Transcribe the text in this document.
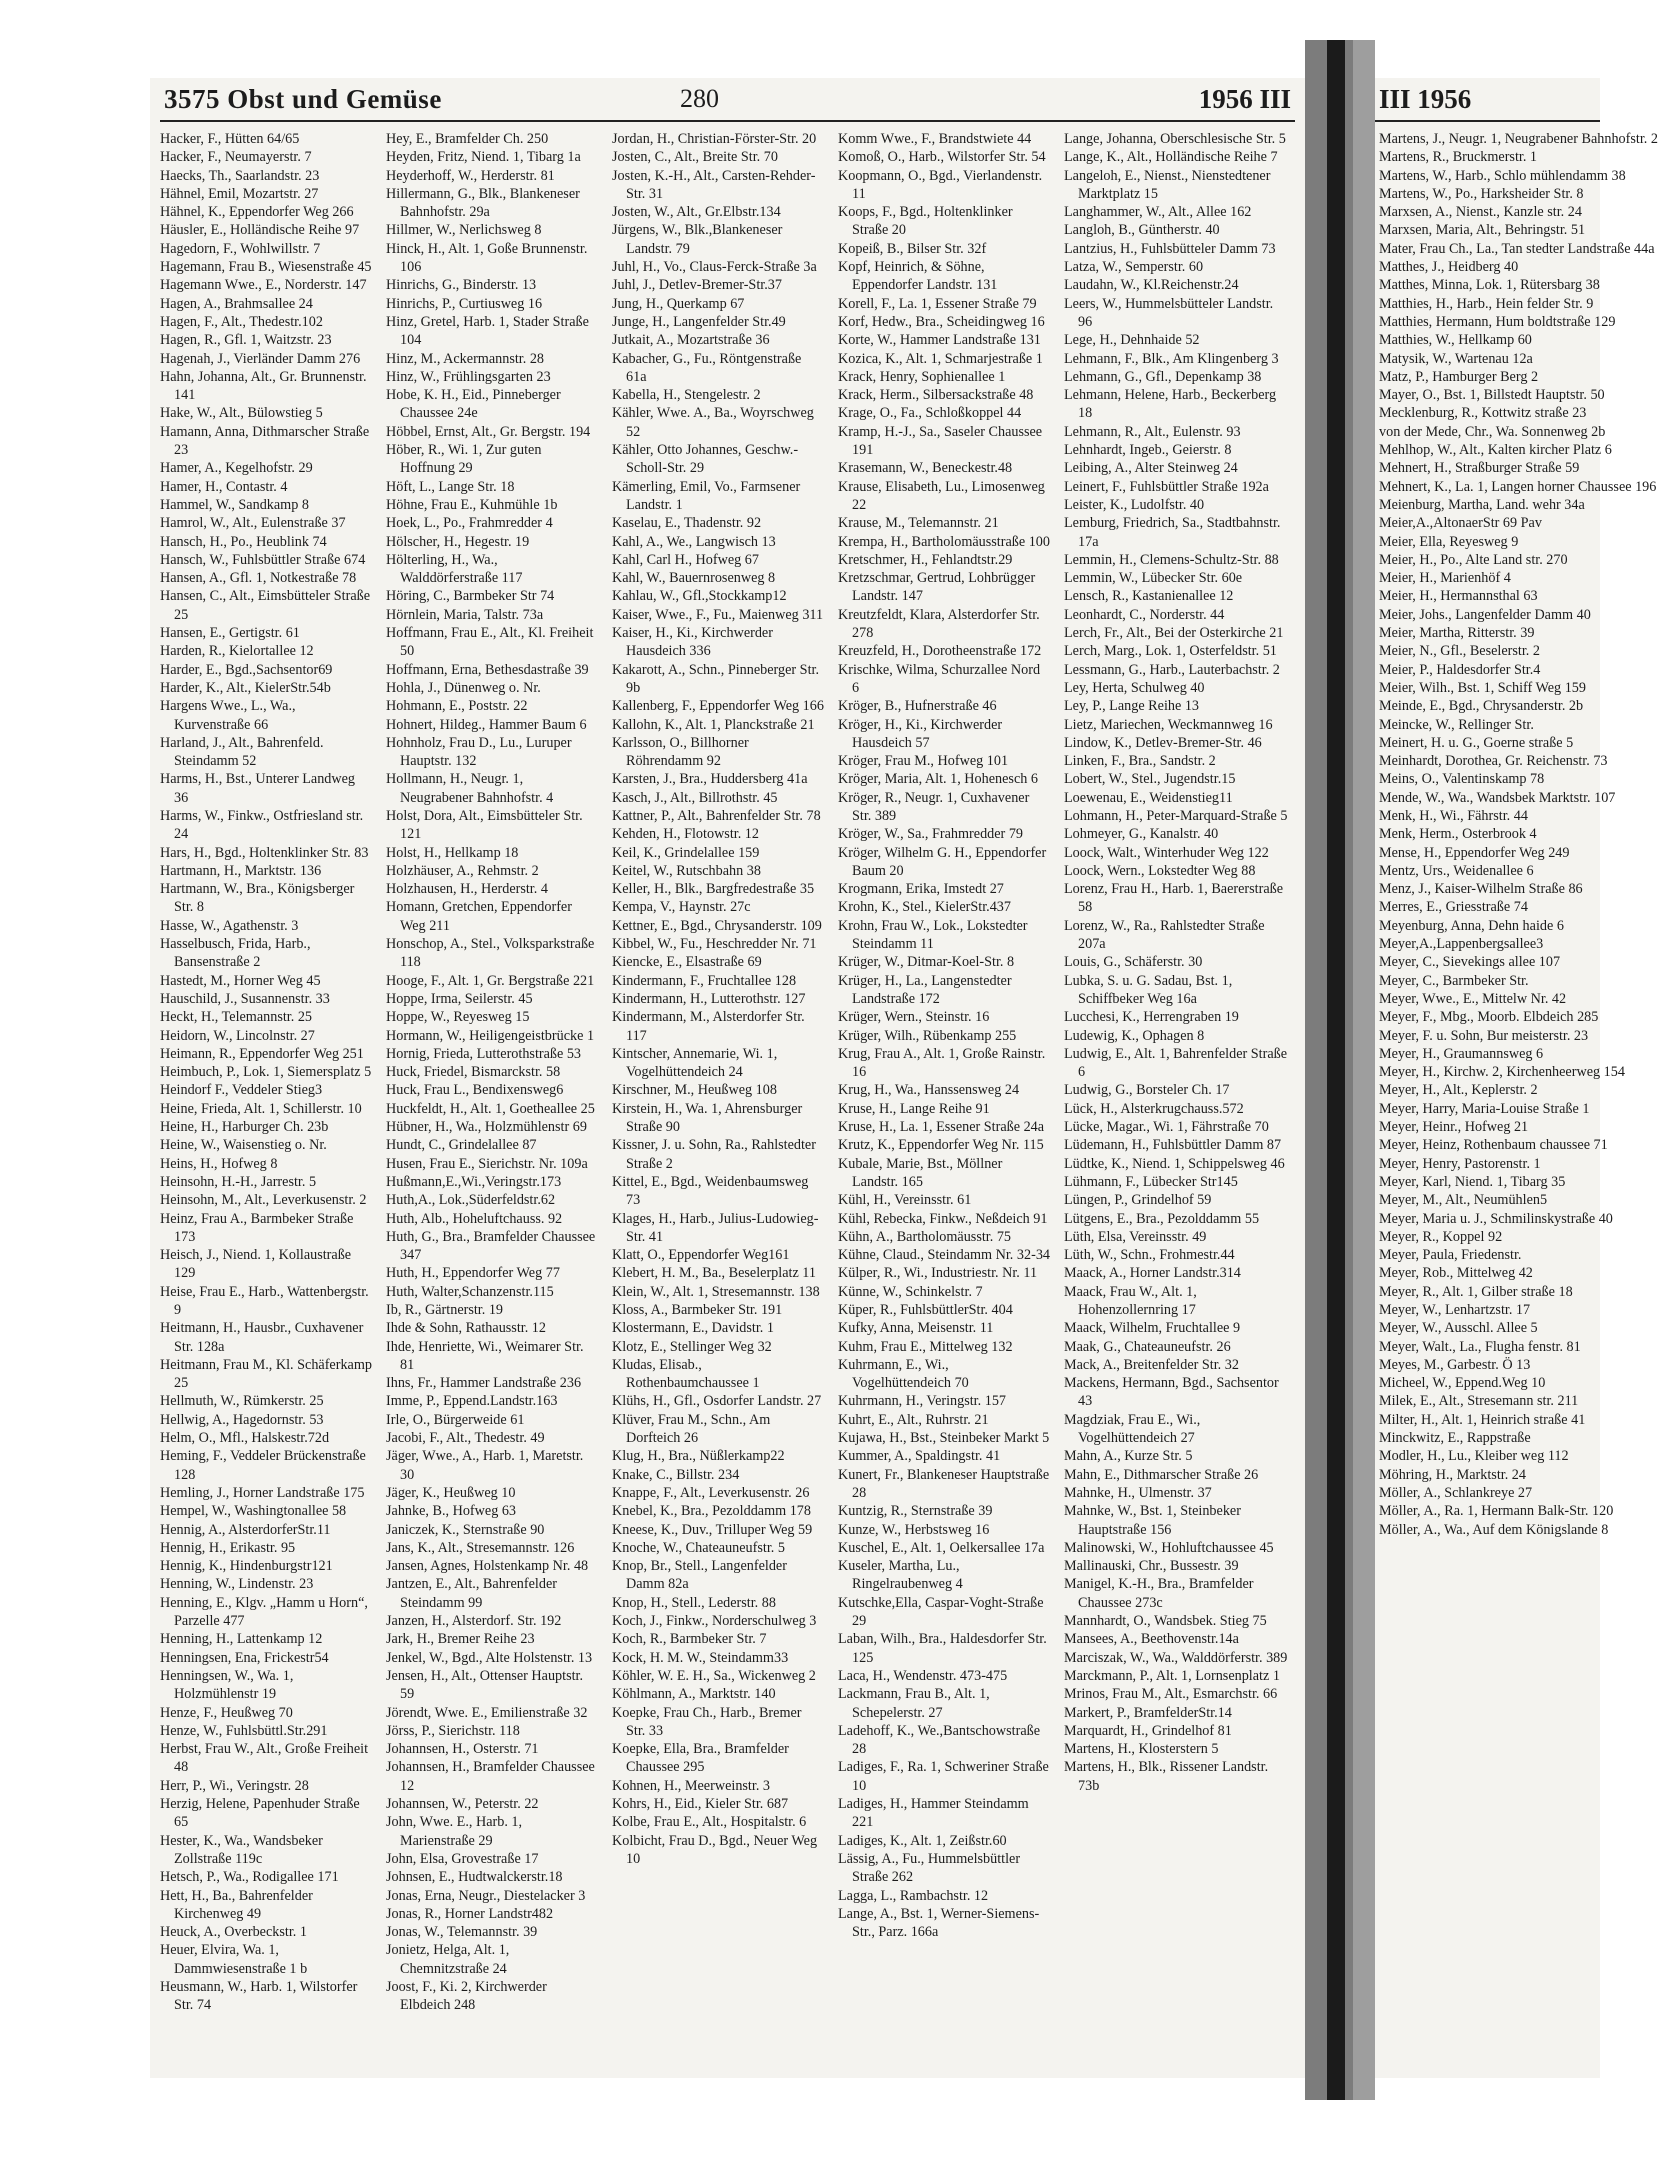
3575 Obst und Gemüse	280	1956 III
Hacker, F., Hütten 64/65
Hacker, F., Neumayerstr. 7
Haecks, Th., Saarlandstr. 23
Hähnel, Emil, Mozartstr. 27
Hähnel, K., Eppendorfer Weg 266
Häusler, E., Holländische Reihe 97
Hagedorn, F., Wohlwillstr. 7
Hagemann, Frau B., Wiesenstraße 45
Hagemann Wwe., E., Norderstr. 147
Hagen, A., Brahmsallee 24
Hagen, F., Alt., Thedestr.102
Hagen, R., Gfl. 1, Waitzstr. 23
Hagenah, J., Vierländer Damm 276
Hahn, Johanna, Alt., Gr. Brunnenstr. 141
Hake, W., Alt., Bülowstieg 5
Hamann, Anna, Dithmarscher Straße 23
Hamer, A., Kegelhofstr. 29
Hamer, H., Contastr. 4
Hammel, W., Sandkamp 8
Hamrol, W., Alt., Eulenstraße 37
Hansch, H., Po., Heublink 74
Hansch, W., Fuhlsbüttler Straße 674
Hansen, A., Gfl. 1, Notkestraße 78
Hansen, C., Alt., Eimsbütteler Straße 25
Hansen, E., Gertigstr. 61
Harden, R., Kielortallee 12
Harder, E., Bgd.,Sachsentor69
Harder, K., Alt., KielerStr.54b
Hargens Wwe., L., Wa., Kurvenstraße 66
Harland, J., Alt., Bahrenfeld. Steindamm 52
Harms, H., Bst., Unterer Landweg 36
Harms, W., Finkw., Ostfriesland str. 24
Hars, H., Bgd., Holtenklinker Str. 83
Hartmann, H., Marktstr. 136
Hartmann, W., Bra., Königsberger Str. 8
Hasse, W., Agathenstr. 3
Hasselbusch, Frida, Harb., Bansenstraße 2
Hastedt, M., Horner Weg 45
Hauschild, J., Susannenstr. 33
Heckt, H., Telemannstr. 25
Heidorn, W., Lincolnstr. 27
Heimann, R., Eppendorfer Weg 251
Heimbuch, P., Lok. 1, Siemersplatz 5
Heindorf F., Veddeler Stieg3
Heine, Frieda, Alt. 1, Schillerstr. 10
Heine, H., Harburger Ch. 23b
Heine, W., Waisenstieg o. Nr.
Heins, H., Hofweg 8
Heinsohn, H.-H., Jarrestr. 5
Heinsohn, M., Alt., Leverkusenstr. 2
Heinz, Frau A., Barmbeker Straße 173
Heisch, J., Niend. 1, Kollaustraße 129
Heise, Frau E., Harb., Wattenbergstr. 9
Heitmann, H., Hausbr., Cuxhavener Str. 128a
Heitmann, Frau M., Kl. Schäferkamp 25
Hellmuth, W., Rümkerstr. 25
Hellwig, A., Hagedornstr. 53
Helm, O., Mfl., Halskestr.72d
Heming, F., Veddeler Brückenstraße 128
Hemling, J., Horner Landstraße 175
Hempel, W., Washingtonallee 58
Hennig, A., AlsterdorferStr.11
Hennig, H., Erikastr. 95
Hennig, K., Hindenburgstr121
Henning, W., Lindenstr. 23
Henning, E., Klgv. „Hamm u Horn“, Parzelle 477
Henning, H., Lattenkamp 12
Henningsen, Ena, Frickestr54
Henningsen, W., Wa. 1, Holzmühlenstr 19
Henze, F., Heußweg 70
Henze, W., Fuhlsbüttl.Str.291
Herbst, Frau W., Alt., Große Freiheit 48
Herr, P., Wi., Veringstr. 28
Herzig, Helene, Papenhuder Straße 65
Hester, K., Wa., Wandsbeker Zollstraße 119c
Hetsch, P., Wa., Rodigallee 171
Hett, H., Ba., Bahrenfelder Kirchenweg 49
Heuck, A., Overbeckstr. 1
Heuer, Elvira, Wa. 1, Dammwiesenstraße 1 b
Heusmann, W., Harb. 1, Wilstorfer Str. 74
Hey, E., Bramfelder Ch. 250
Heyden, Fritz, Niend. 1, Tibarg 1a
Heyderhoff, W., Herderstr. 81
Hillermann, G., Blk., Blankeneser Bahnhofstr. 29a
Hillmer, W., Nerlichsweg 8
Hinck, H., Alt. 1, Goße Brunnenstr. 106
Hinrichs, G., Binderstr. 13
Hinrichs, P., Curtiusweg 16
Hinz, Gretel, Harb. 1, Stader Straße 104
Hinz, M., Ackermannstr. 28
Hinz, W., Frühlingsgarten 23
Hobe, K. H., Eid., Pinneberger Chaussee 24e
Höbbel, Ernst, Alt., Gr. Bergstr. 194
Höber, R., Wi. 1, Zur guten Hoffnung 29
Höft, L., Lange Str. 18
Höhne, Frau E., Kuhmühle 1b
Hoek, L., Po., Frahmredder 4
Hölscher, H., Hegestr. 19
Hölterling, H., Wa., Walddörferstraße 117
Höring, C., Barmbeker Str 74
Hörnlein, Maria, Talstr. 73a
Hoffmann, Frau E., Alt., Kl. Freiheit 50
Hoffmann, Erna, Bethesdastraße 39
Hohla, J., Dünenweg o. Nr.
Hohmann, E., Poststr. 22
Hohnert, Hildeg., Hammer Baum 6
Hohnholz, Frau D., Lu., Luruper Hauptstr. 132
Hollmann, H., Neugr. 1, Neugrabener Bahnhofstr. 4
Holst, Dora, Alt., Eimsbütteler Str. 121
Holst, H., Hellkamp 18
Holzhäuser, A., Rehmstr. 2
Holzhausen, H., Herderstr. 4
Homann, Gretchen, Eppendorfer Weg 211
Honschop, A., Stel., Volksparkstraße 118
Hooge, F., Alt. 1, Gr. Bergstraße 221
Hoppe, Irma, Seilerstr. 45
Hoppe, W., Reyesweg 15
Hormann, W., Heiligengeistbrücke 1
Hornig, Frieda, Lutterothstraße 53
Huck, Friedel, Bismarckstr. 58
Huck, Frau L., Bendixensweg6
Huckfeldt, H., Alt. 1, Goetheallee 25
Hübner, H., Wa., Holzmühlenstr 69
Hundt, C., Grindelallee 87
Husen, Frau E., Sierichstr. Nr. 109a
Hußmann,E.,Wi.,Veringstr.173
Huth,A., Lok.,Süderfeldstr.62
Huth, Alb., Hoheluftchauss. 92
Huth, G., Bra., Bramfelder Chaussee 347
Huth, H., Eppendorfer Weg 77
Huth, Walter,Schanzenstr.115
Ib, R., Gärtnerstr. 19
Ihde & Sohn, Rathausstr. 12
Ihde, Henriette, Wi., Weimarer Str. 81
Ihns, Fr., Hammer Landstraße 236
Imme, P., Eppend.Landstr.163
Irle, O., Bürgerweide 61
Jacobi, F., Alt., Thedestr. 49
Jäger, Wwe., A., Harb. 1, Maretstr. 30
Jäger, K., Heußweg 10
Jahnke, B., Hofweg 63
Janiczek, K., Sternstraße 90
Jans, K., Alt., Stresemannstr. 126
Jansen, Agnes, Holstenkamp Nr. 48
Jantzen, E., Alt., Bahrenfelder Steindamm 99
Janzen, H., Alsterdorf. Str. 192
Jark, H., Bremer Reihe 23
Jenkel, W., Bgd., Alte Holstenstr. 13
Jensen, H., Alt., Ottenser Hauptstr. 59
Jörendt, Wwe. E., Emilienstraße 32
Jörss, P., Sierichstr. 118
Johannsen, H., Osterstr. 71
Johannsen, H., Bramfelder Chaussee 12
Johannsen, W., Peterstr. 22
John, Wwe. E., Harb. 1, Marienstraße 29
John, Elsa, Grovestraße 17
Johnsen, E., Hudtwalckerstr.18
Jonas, Erna, Neugr., Diestelacker 3
Jonas, R., Horner Landstr482
Jonas, W., Telemannstr. 39
Jonietz, Helga, Alt. 1, Chemnitzstraße 24
Joost, F., Ki. 2, Kirchwerder Elbdeich 248
Jordan, H., Christian-Förster-Str. 20
Josten, C., Alt., Breite Str. 70
Josten, K.-H., Alt., Carsten-Rehder-Str. 31
Josten, W., Alt., Gr.Elbstr.134
Jürgens, W., Blk.,Blankeneser Landstr. 79
Juhl, H., Vo., Claus-Ferck-Straße 3a
Juhl, J., Detlev-Bremer-Str.37
Jung, H., Querkamp 67
Junge, H., Langenfelder Str.49
Jutkait, A., Mozartstraße 36
Kabacher, G., Fu., Röntgenstraße 61a
Kabella, H., Stengelestr. 2
Kähler, Wwe. A., Ba., Woyrschweg 52
Kähler, Otto Johannes, Geschw.-Scholl-Str. 29
Kämerling, Emil, Vo., Farmsener Landstr. 1
Kaselau, E., Thadenstr. 92
Kahl, A., We., Langwisch 13
Kahl, Carl H., Hofweg 67
Kahl, W., Bauernrosenweg 8
Kahlau, W., Gfl.,Stockkamp12
Kaiser, Wwe., F., Fu., Maienweg 311
Kaiser, H., Ki., Kirchwerder Hausdeich 336
Kakarott, A., Schn., Pinneberger Str. 9b
Kallenberg, F., Eppendorfer Weg 166
Kallohn, K., Alt. 1, Planckstraße 21
Karlsson, O., Billhorner Röhrendamm 92
Karsten, J., Bra., Huddersberg 41a
Kasch, J., Alt., Billrothstr. 45
Kattner, P., Alt., Bahrenfelder Str. 78
Kehden, H., Flotowstr. 12
Keil, K., Grindelallee 159
Keitel, W., Rutschbahn 38
Keller, H., Blk., Bargfredestraße 35
Kempa, V., Haynstr. 27c
Kettner, E., Bgd., Chrysanderstr. 109
Kibbel, W., Fu., Heschredder Nr. 71
Kiencke, E., Elsastraße 69
Kindermann, F., Fruchtallee 128
Kindermann, H., Lutterothstr. 127
Kindermann, M., Alsterdorfer Str. 117
Kintscher, Annemarie, Wi. 1, Vogelhüttendeich 24
Kirschner, M., Heußweg 108
Kirstein, H., Wa. 1, Ahrensburger Straße 90
Kissner, J. u. Sohn, Ra., Rahlstedter Straße 2
Kittel, E., Bgd., Weidenbaumsweg 73
Klages, H., Harb., Julius-Ludowieg-Str. 41
Klatt, O., Eppendorfer Weg161
Klebert, H. M., Ba., Beselerplatz 11
Klein, W., Alt. 1, Stresemannstr. 138
Kloss, A., Barmbeker Str. 191
Klostermann, E., Davidstr. 1
Klotz, E., Stellinger Weg 32
Kludas, Elisab., Rothenbaumchaussee 1
Klühs, H., Gfl., Osdorfer Landstr. 27
Klüver, Frau M., Schn., Am Dorfteich 26
Klug, H., Bra., Nüßlerkamp22
Knake, C., Billstr. 234
Knappe, F., Alt., Leverkusenstr. 26
Knebel, K., Bra., Pezolddamm 178
Kneese, K., Duv., Trilluper Weg 59
Knoche, W., Chateauneufstr. 5
Knop, Br., Stell., Langenfelder Damm 82a
Knop, H., Stell., Lederstr. 88
Koch, J., Finkw., Norderschulweg 3
Koch, R., Barmbeker Str. 7
Kock, H. M. W., Steindamm33
Köhler, W. E. H., Sa., Wickenweg 2
Köhlmann, A., Marktstr. 140
Koepke, Frau Ch., Harb., Bremer Str. 33
Koepke, Ella, Bra., Bramfelder Chaussee 295
Kohnen, H., Meerweinstr. 3
Kohrs, H., Eid., Kieler Str. 687
Kolbe, Frau E., Alt., Hospitalstr. 6
Kolbicht, Frau D., Bgd., Neuer Weg 10
Komm Wwe., F., Brandstwiete 44
Komoß, O., Harb., Wilstorfer Str. 54
Koopmann, O., Bgd., Vierlandenstr. 11
Koops, F., Bgd., Holtenklinker Straße 20
Kopeiß, B., Bilser Str. 32f
Kopf, Heinrich, & Söhne, Eppendorfer Landstr. 131
Korell, F., La. 1, Essener Straße 79
Korf, Hedw., Bra., Scheidingweg 16
Korte, W., Hammer Landstraße 131
Kozica, K., Alt. 1, Schmarjestraße 1
Krack, Henry, Sophienallee 1
Krack, Herm., Silbersackstraße 48
Krage, O., Fa., Schloßkoppel 44
Kramp, H.-J., Sa., Saseler Chaussee 191
Krasemann, W., Beneckestr.48
Krause, Elisabeth, Lu., Limosenweg 22
Krause, M., Telemannstr. 21
Krempa, H., Bartholomäusstraße 100
Kretschmer, H., Fehlandtstr.29
Kretzschmar, Gertrud, Lohbrügger Landstr. 147
Kreutzfeldt, Klara, Alsterdorfer Str. 278
Kreuzfeld, H., Dorotheenstraße 172
Krischke, Wilma, Schurzallee Nord 6
Kröger, B., Hufnerstraße 46
Kröger, H., Ki., Kirchwerder Hausdeich 57
Kröger, Frau M., Hofweg 101
Kröger, Maria, Alt. 1, Hohenesch 6
Kröger, R., Neugr. 1, Cuxhavener Str. 389
Kröger, W., Sa., Frahmredder 79
Kröger, Wilhelm G. H., Eppendorfer Baum 20
Krogmann, Erika, Imstedt 27
Krohn, K., Stel., KielerStr.437
Krohn, Frau W., Lok., Lokstedter Steindamm 11
Krüger, W., Ditmar-Koel-Str. 8
Krüger, H., La., Langenstedter Landstraße 172
Krüger, Wern., Steinstr. 16
Krüger, Wilh., Rübenkamp 255
Krug, Frau A., Alt. 1, Große Rainstr. 16
Krug, H., Wa., Hanssensweg 24
Kruse, H., Lange Reihe 91
Kruse, H., La. 1, Essener Straße 24a
Krutz, K., Eppendorfer Weg Nr. 115
Kubale, Marie, Bst., Möllner Landstr. 165
Kühl, H., Vereinsstr. 61
Kühl, Rebecka, Finkw., Neßdeich 91
Kühn, A., Bartholomäusstr. 75
Kühne, Claud., Steindamm Nr. 32-34
Külper, R., Wi., Industriestr. Nr. 11
Künne, W., Schinkelstr. 7
Küper, R., FuhlsbüttlerStr. 404
Kufky, Anna, Meisenstr. 11
Kuhm, Frau E., Mittelweg 132
Kuhrmann, E., Wi., Vogelhüttendeich 70
Kuhrmann, H., Veringstr. 157
Kuhrt, E., Alt., Ruhrstr. 21
Kujawa, H., Bst., Steinbeker Markt 5
Kummer, A., Spaldingstr. 41
Kunert, Fr., Blankeneser Hauptstraße 28
Kuntzig, R., Sternstraße 39
Kunze, W., Herbstsweg 16
Kuschel, E., Alt. 1, Oelkersallee 17a
Kuseler, Martha, Lu., Ringelraubenweg 4
Kutschke,Ella, Caspar-Voght-Straße 29
Laban, Wilh., Bra., Haldesdorfer Str. 125
Laca, H., Wendenstr. 473-475
Lackmann, Frau B., Alt. 1, Schepelerstr. 27
Ladehoff, K., We.,Bantschowstraße 28
Ladiges, F., Ra. 1, Schweriner Straße 10
Ladiges, H., Hammer Steindamm 221
Ladiges, K., Alt. 1, Zeißstr.60
Lässig, A., Fu., Hummelsbüttler Straße 262
Lagga, L., Rambachstr. 12
Lange, A., Bst. 1, Werner-Siemens-Str., Parz. 166a
Lange, Johanna, Oberschlesische Str. 5
Lange, K., Alt., Holländische Reihe 7
Langeloh, E., Nienst., Nienstedtener Marktplatz 15
Langhammer, W., Alt., Allee 162
Langloh, B., Güntherstr. 40
Lantzius, H., Fuhlsbütteler Damm 73
Latza, W., Semperstr. 60
Laudahn, W., Kl.Reichenstr.24
Leers, W., Hummelsbütteler Landstr. 96
Lege, H., Dehnhaide 52
Lehmann, F., Blk., Am Klingenberg 3
Lehmann, G., Gfl., Depenkamp 38
Lehmann, Helene, Harb., Beckerberg 18
Lehmann, R., Alt., Eulenstr. 93
Lehnhardt, Ingeb., Geierstr. 8
Leibing, A., Alter Steinweg 24
Leinert, F., Fuhlsbüttler Straße 192a
Leister, K., Ludolfstr. 40
Lemburg, Friedrich, Sa., Stadtbahnstr. 17a
Lemmin, H., Clemens-Schultz-Str. 88
Lemmin, W., Lübecker Str. 60e
Lensch, R., Kastanienallee 12
Leonhardt, C., Norderstr. 44
Lerch, Fr., Alt., Bei der Osterkirche 21
Lerch, Marg., Lok. 1, Osterfeldstr. 51
Lessmann, G., Harb., Lauterbachstr. 2
Ley, Herta, Schulweg 40
Ley, P., Lange Reihe 13
Lietz, Mariechen, Weckmannweg 16
Lindow, K., Detlev-Bremer-Str. 46
Linken, F., Bra., Sandstr. 2
Lobert, W., Stel., Jugendstr.15
Loewenau, E., Weidenstieg11
Lohmann, H., Peter-Marquard-Straße 5
Lohmeyer, G., Kanalstr. 40
Loock, Walt., Winterhuder Weg 122
Loock, Wern., Lokstedter Weg 88
Lorenz, Frau H., Harb. 1, Baererstraße 58
Lorenz, W., Ra., Rahlstedter Straße 207a
Louis, G., Schäferstr. 30
Lubka, S. u. G. Sadau, Bst. 1, Schiffbeker Weg 16a
Lucchesi, K., Herrengraben 19
Ludewig, K., Ophagen 8
Ludwig, E., Alt. 1, Bahrenfelder Straße 6
Ludwig, G., Borsteler Ch. 17
Lück, H., Alsterkrugchauss.572
Lücke, Magar., Wi. 1, Fährstraße 70
Lüdemann, H., Fuhlsbüttler Damm 87
Lüdtke, K., Niend. 1, Schippelsweg 46
Lühmann, F., Lübecker Str145
Lüngen, P., Grindelhof 59
Lütgens, E., Bra., Pezolddamm 55
Lüth, Elsa, Vereinsstr. 49
Lüth, W., Schn., Frohmestr.44
Maack, A., Horner Landstr.314
Maack, Frau W., Alt. 1, Hohenzollernring 17
Maack, Wilhelm, Fruchtallee 9
Maak, G., Chateauneufstr. 26
Mack, A., Breitenfelder Str. 32
Mackens, Hermann, Bgd., Sachsentor 43
Magdziak, Frau E., Wi., Vogelhüttendeich 27
Mahn, A., Kurze Str. 5
Mahn, E., Dithmarscher Straße 26
Mahnke, H., Ulmenstr. 37
Mahnke, W., Bst. 1, Steinbeker Hauptstraße 156
Malinowski, W., Hohluftchaussee 45
Mallinauski, Chr., Bussestr. 39
Manigel, K.-H., Bra., Bramfelder Chaussee 273c
Mannhardt, O., Wandsbek. Stieg 75
Mansees, A., Beethovenstr.14a
Marciszak, W., Wa., Walddörferstr. 389
Marckmann, P., Alt. 1, Lornsenplatz 1
Mrinos, Frau M., Alt., Esmarchstr. 66
Markert, P., BramfelderStr.14
Marquardt, H., Grindelhof 81
Martens, H., Klosterstern 5
Martens, H., Blk., Rissener Landstr. 73b
III 1956
Martens, J., Neugr. 1, Neugrabener Bahnhofstr. 2
Martens, R., Bruckmerstr. 1
Martens, W., Harb., Schlo mühlendamm 38
Martens, W., Po., Harksheider Str. 8
Marxsen, A., Nienst., Kanzle str. 24
Marxsen, Maria, Alt., Behringstr. 51
Mater, Frau Ch., La., Tan stedter Landstraße 44a
Matthes, J., Heidberg 40
Matthes, Minna, Lok. 1, Rütersbarg 38
Matthies, H., Harb., Hein felder Str. 9
Matthies, Hermann, Hum boldtstraße 129
Matthies, W., Hellkamp 60
Matysik, W., Wartenau 12a
Matz, P., Hamburger Berg 2
Mayer, O., Bst. 1, Billstedt Hauptstr. 50
Mecklenburg, R., Kottwitz straße 23
von der Mede, Chr., Wa. Sonnenweg 2b
Mehlhop, W., Alt., Kalten kircher Platz 6
Mehnert, H., Straßburger Straße 59
Mehnert, K., La. 1, Langen horner Chaussee 196
Meienburg, Martha, Land. wehr 34a
Meier,A.,AltonaerStr 69 Pav
Meier, Ella, Reyesweg 9
Meier, H., Po., Alte Land str. 270
Meier, H., Marienhöf 4
Meier, H., Hermannsthal 63
Meier, Johs., Langenfelder Damm 40
Meier, Martha, Ritterstr. 39
Meier, N., Gfl., Beselerstr. 2
Meier, P., Haldesdorfer Str.4
Meier, Wilh., Bst. 1, Schiff Weg 159
Meinde, E., Bgd., Chrysanderstr. 2b
Meincke, W., Rellinger Str.
Meinert, H. u. G., Goerne straße 5
Meinhardt, Dorothea, Gr. Reichenstr. 73
Meins, O., Valentinskamp 78
Mende, W., Wa., Wandsbek Marktstr. 107
Menk, H., Wi., Fährstr. 44
Menk, Herm., Osterbrook 4
Mense, H., Eppendorfer Weg 249
Mentz, Urs., Weidenallee 6
Menz, J., Kaiser-Wilhelm Straße 86
Merres, E., Griesstraße 74
Meyenburg, Anna, Dehn haide 6
Meyer,A.,Lappenbergsallee3
Meyer, C., Sievekings allee 107
Meyer, C., Barmbeker Str.
Meyer, Wwe., E., Mittelw Nr. 42
Meyer, F., Mbg., Moorb. Elbdeich 285
Meyer, F. u. Sohn, Bur meisterstr. 23
Meyer, H., Graumannsweg 6
Meyer, H., Kirchw. 2, Kirchenheerweg 154
Meyer, H., Alt., Keplerstr. 2
Meyer, Harry, Maria-Louise Straße 1
Meyer, Heinr., Hofweg 21
Meyer, Heinz, Rothenbaum chaussee 71
Meyer, Henry, Pastorenstr. 1
Meyer, Karl, Niend. 1, Tibarg 35
Meyer, M., Alt., Neumühlen5
Meyer, Maria u. J., Schmilinskystraße 40
Meyer, R., Koppel 92
Meyer, Paula, Friedenstr.
Meyer, Rob., Mittelweg 42
Meyer, R., Alt. 1, Gilber straße 18
Meyer, W., Lenhartzstr. 17
Meyer, W., Ausschl. Allee 5
Meyer, Walt., La., Flugha fenstr. 81
Meyes, M., Garbestr. Ö 13
Micheel, W., Eppend.Weg 10
Milek, E., Alt., Stresemann str. 211
Milter, H., Alt. 1, Heinrich straße 41
Minckwitz, E., Rappstraße
Modler, H., Lu., Kleiber weg 112
Möhring, H., Marktstr. 24
Möller, A., Schlankreye 27
Möller, A., Ra. 1, Hermann Balk-Str. 120
Möller, A., Wa., Auf dem Königslande 8
